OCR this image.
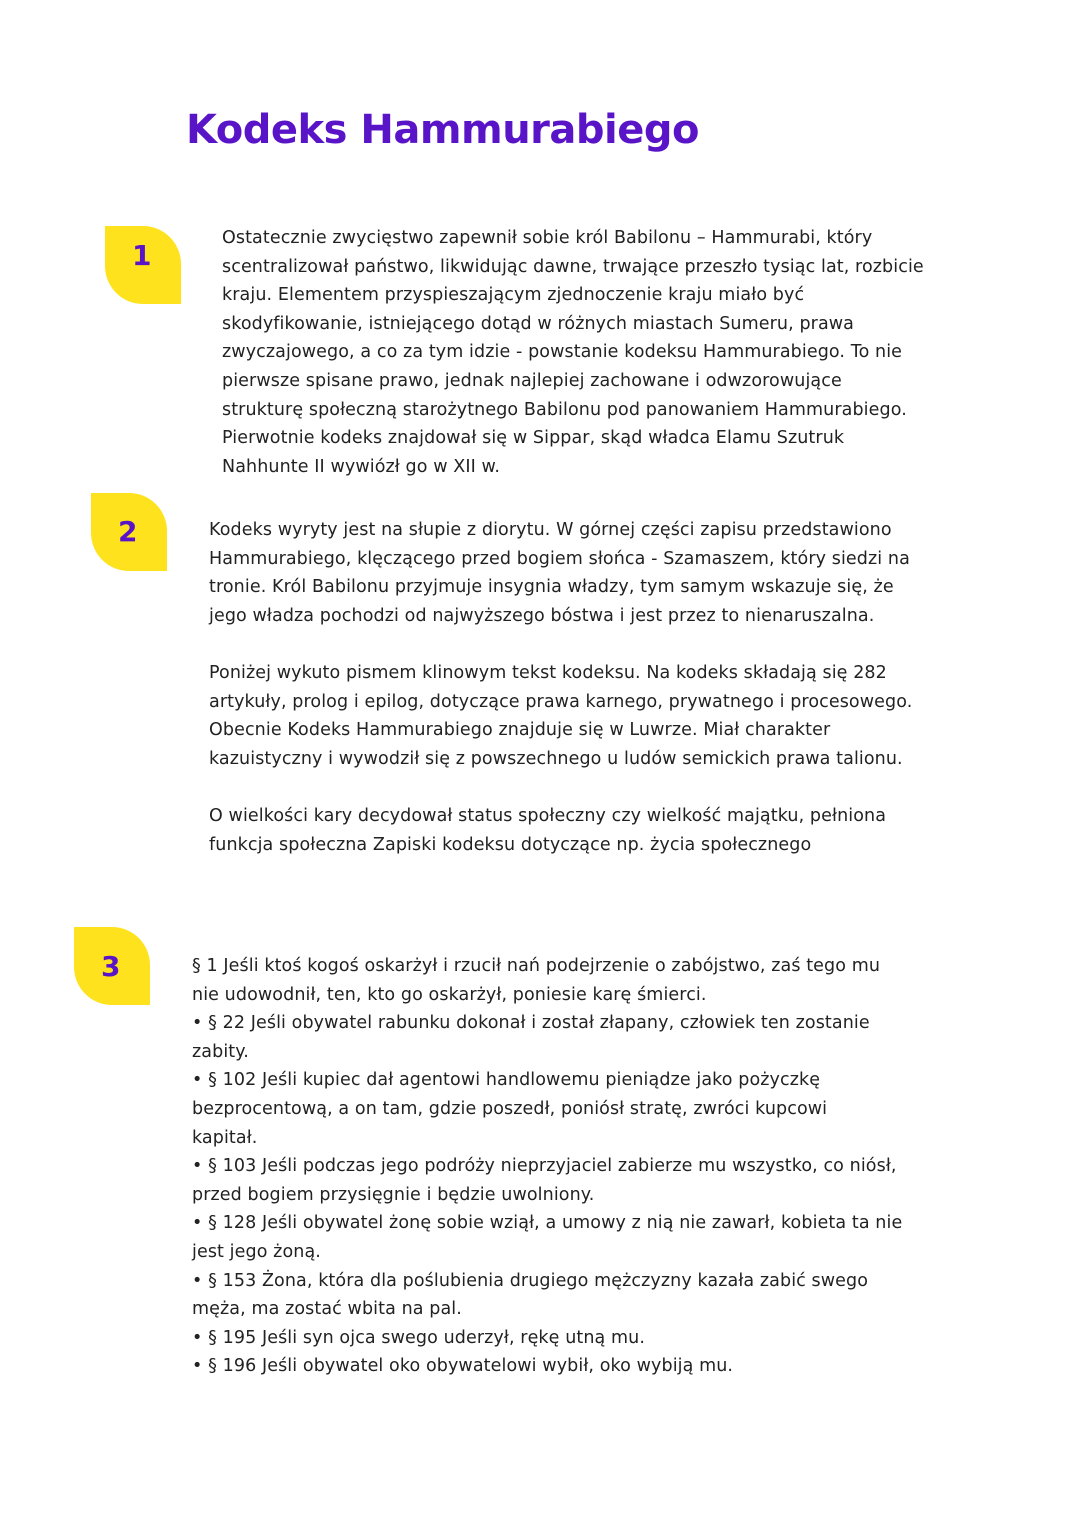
Kodeks Hammurabiego
1
Ostatecznie zwycięstwo zapewnił sobie król Babilonu – Hammurabi, który
scentralizował państwo, likwidując dawne, trwające przeszło tysiąc lat, rozbicie
kraju. Elementem przyspieszającym zjednoczenie kraju miało być
skodyfikowanie, istniejącego dotąd w różnych miastach Sumeru, prawa
zwyczajowego, a co za tym idzie - powstanie kodeksu Hammurabiego. To nie
pierwsze spisane prawo, jednak najlepiej zachowane i odwzorowujące
strukturę społeczną starożytnego Babilonu pod panowaniem Hammurabiego.
Pierwotnie kodeks znajdował się w Sippar, skąd władca Elamu Szutruk
Nahhunte II wywiózł go w XII w.
2	Kodeks wyryty jest na słupie z diorytu. W górnej części zapisu przedstawiono
Hammurabiego, klęczącego przed bogiem słońca - Szamaszem, który siedzi na
tronie. Król Babilonu przyjmuje insygnia władzy, tym samym wskazuje się, że
jego władza pochodzi od najwyższego bóstwa i jest przez to nienaruszalna.
Poniżej wykuto pismem klinowym tekst kodeksu. Na kodeks składają się 282
artykuły, prolog i epilog, dotyczące prawa karnego, prywatnego i procesowego.
Obecnie Kodeks Hammurabiego znajduje się w Luwrze. Miał charakter
kazuistyczny i wywodził się z powszechnego u ludów semickich prawa talionu.
O wielkości kary decydował status społeczny czy wielkość majątku, pełniona
funkcja społeczna Zapiski kodeksu dotyczące np. życia społecznego
3	§ 1 Jeśli ktoś kogoś oskarżył i rzucił nań podejrzenie o zabójstwo, zaś tego mu
nie udowodnił, ten, kto go oskarżył, poniesie karę śmierci.
• § 22 Jeśli obywatel rabunku dokonał i został złapany, człowiek ten zostanie
zabity.
• § 102 Jeśli kupiec dał agentowi handlowemu pieniądze jako pożyczkę
bezprocentową, a on tam, gdzie poszedł, poniósł stratę, zwróci kupcowi
kapitał.
• § 103 Jeśli podczas jego podróży nieprzyjaciel zabierze mu wszystko, co niósł,
przed bogiem przysięgnie i będzie uwolniony.
• § 128 Jeśli obywatel żonę sobie wziął, a umowy z nią nie zawarł, kobieta ta nie
jest jego żoną.
• § 153 Żona, która dla poślubienia drugiego mężczyzny kazała zabić swego
męża, ma zostać wbita na pal.
• § 195 Jeśli syn ojca swego uderzył, rękę utną mu.
• § 196 Jeśli obywatel oko obywatelowi wybił, oko wybiją mu.
